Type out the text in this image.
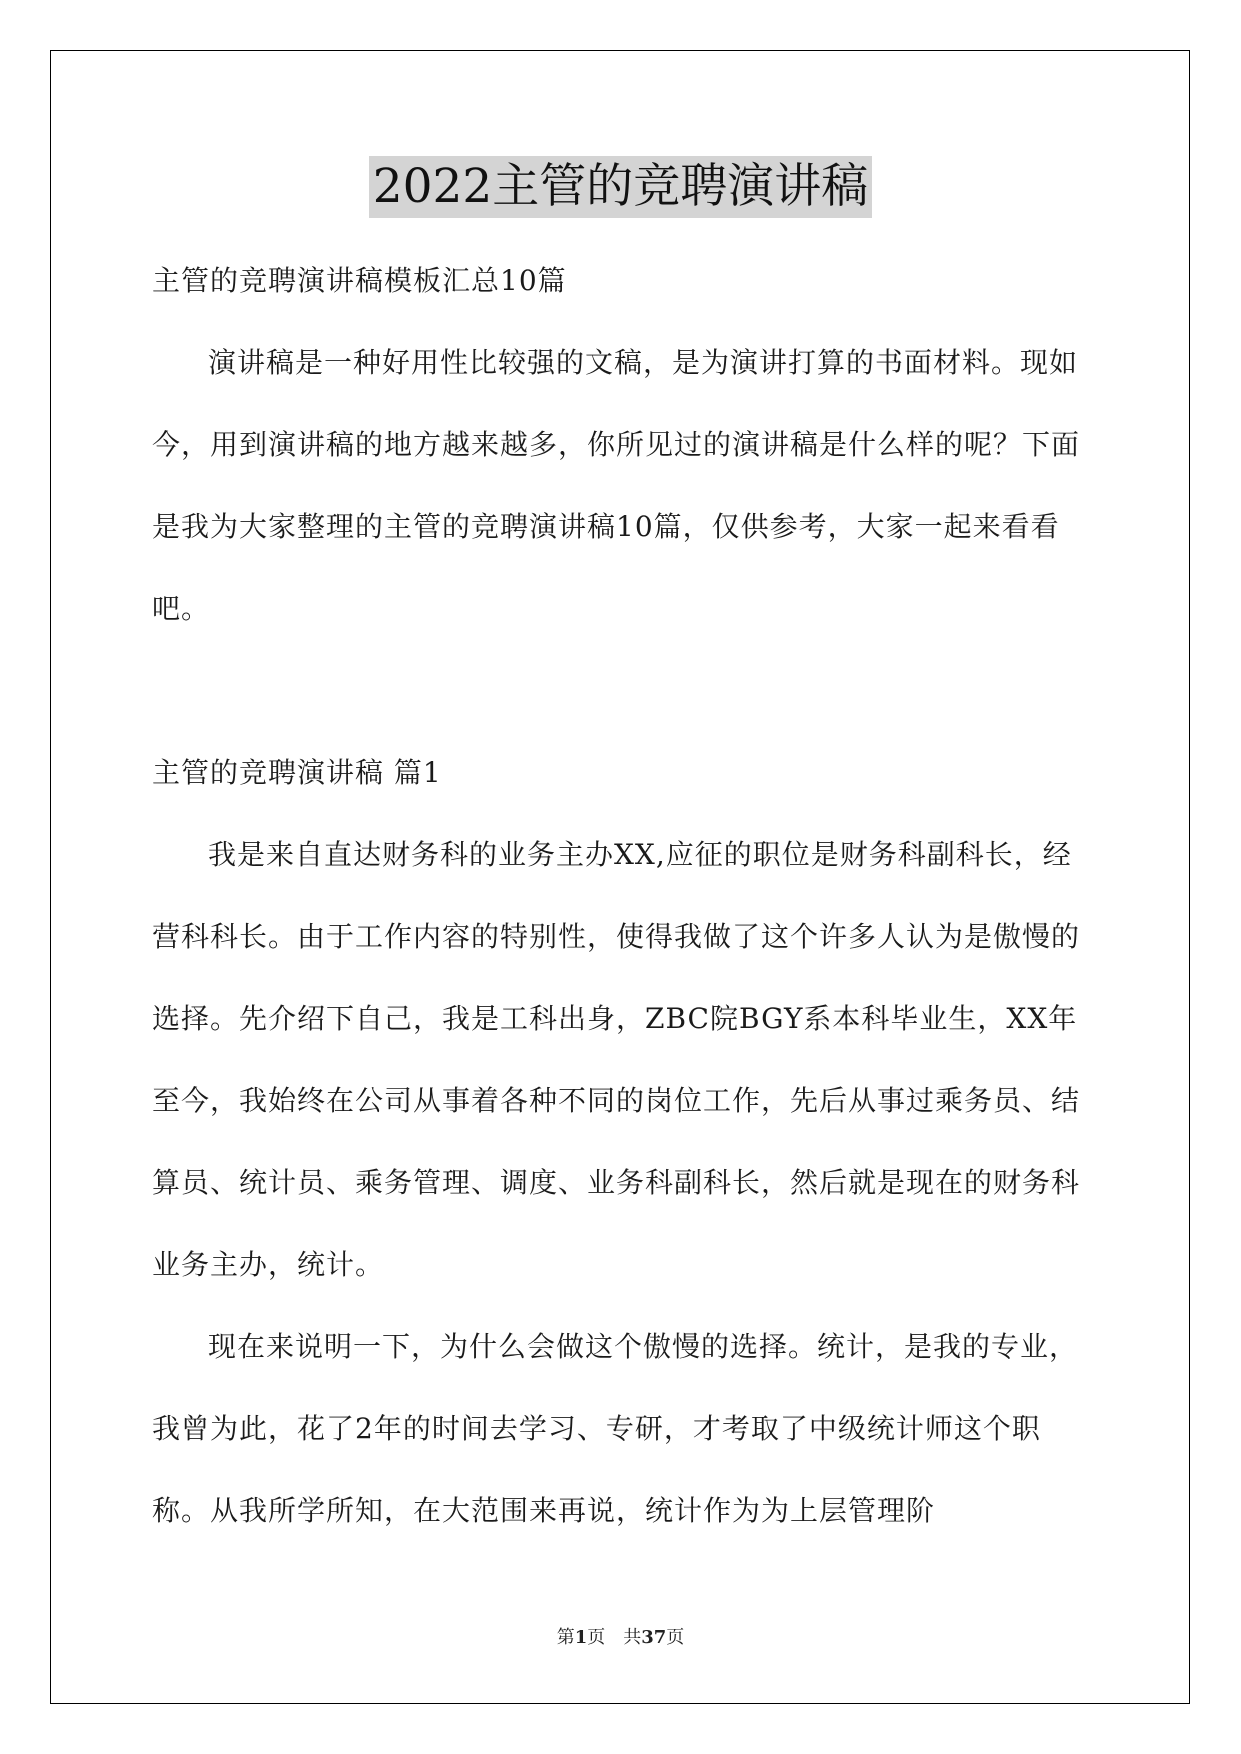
2022主管的竞聘演讲稿

主管的竞聘演讲稿模板汇总10篇

演讲稿是一种好用性比较强的文稿，是为演讲打算的书面材料。现如今，用到演讲稿的地方越来越多，你所见过的演讲稿是什么样的呢？下面是我为大家整理的主管的竞聘演讲稿10篇，仅供参考，大家一起来看看吧。

主管的竞聘演讲稿 篇1

我是来自直达财务科的业务主办XX,应征的职位是财务科副科长，经营科科长。由于工作内容的特别性，使得我做了这个许多人认为是傲慢的选择。先介绍下自己，我是工科出身，ZBC院BGY系本科毕业生，XX年至今，我始终在公司从事着各种不同的岗位工作，先后从事过乘务员、结算员、统计员、乘务管理、调度、业务科副科长，然后就是现在的财务科业务主办，统计。

现在来说明一下，为什么会做这个傲慢的选择。统计，是我的专业，我曾为此，花了2年的时间去学习、专研，才考取了中级统计师这个职称。从我所学所知，在大范围来再说，统计作为为上层管理阶

第1页　共37页
